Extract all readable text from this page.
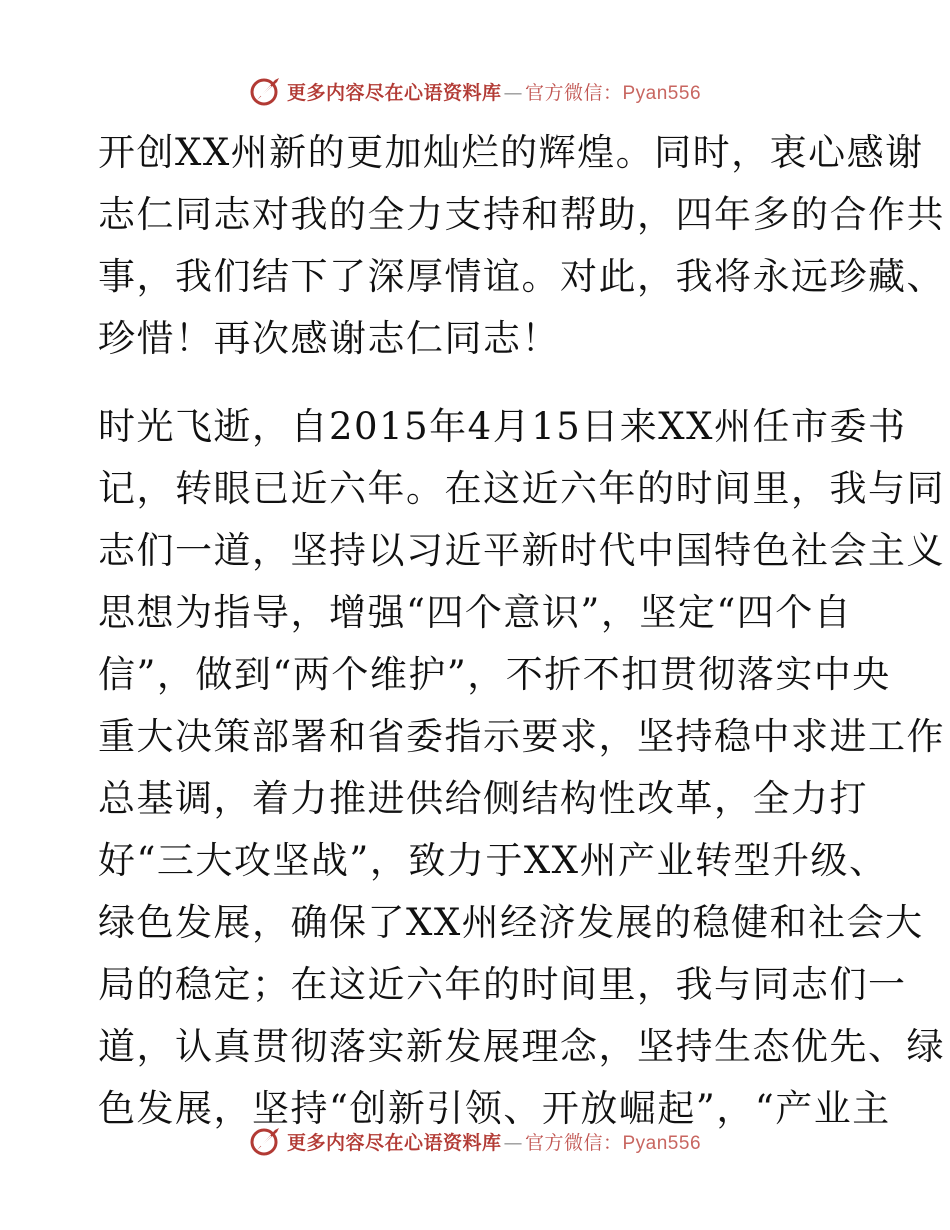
更多内容尽在心语资料库 — 官方微信：Pyan556
开创XX州新的更加灿烂的辉煌。同时，衷心感谢
志仁同志对我的全力支持和帮助，四年多的合作共
事，我们结下了深厚情谊。对此，我将永远珍藏、
珍惜！再次感谢志仁同志！
时光飞逝，自2015年4月15日来XX州任市委书
记，转眼已近六年。在这近六年的时间里，我与同
志们一道，坚持以习近平新时代中国特色社会主义
思想为指导，增强“四个意识”，坚定“四个自
信”，做到“两个维护”，不折不扣贯彻落实中央
重大决策部署和省委指示要求，坚持稳中求进工作
总基调，着力推进供给侧结构性改革，全力打
好“三大攻坚战”，致力于XX州产业转型升级、
绿色发展，确保了XX州经济发展的稳健和社会大
局的稳定；在这近六年的时间里，我与同志们一
道，认真贯彻落实新发展理念，坚持生态优先、绿
色发展，坚持“创新引领、开放崛起”，“产业主
更多内容尽在心语资料库 — 官方微信：Pyan556
